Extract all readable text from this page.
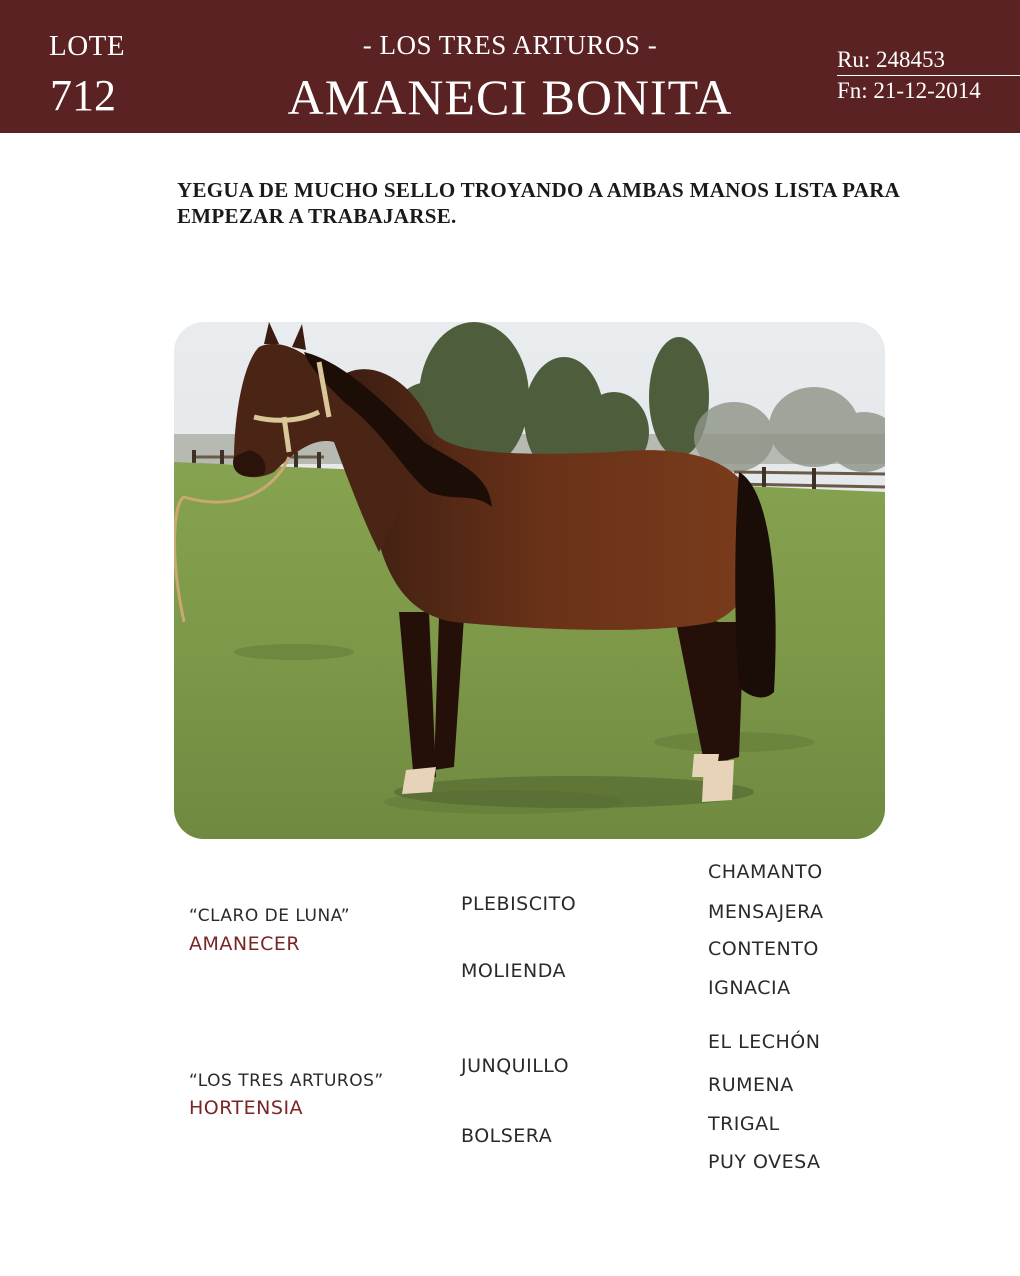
LOTE
712
- LOS TRES ARTUROS -
AMANECI BONITA
Ru: 248453
Fn: 21-12-2014
YEGUA DE MUCHO SELLO TROYANDO A AMBAS MANOS LISTA PARA EMPEZAR A TRABAJARSE.
“CLARO DE LUNA”
AMANECER
PLEBISCITO
MOLIENDA
CHAMANTO
MENSAJERA
CONTENTO
IGNACIA
“LOS TRES ARTUROS”
HORTENSIA
JUNQUILLO
BOLSERA
EL LECHÓN
RUMENA
TRIGAL
PUY OVESA
